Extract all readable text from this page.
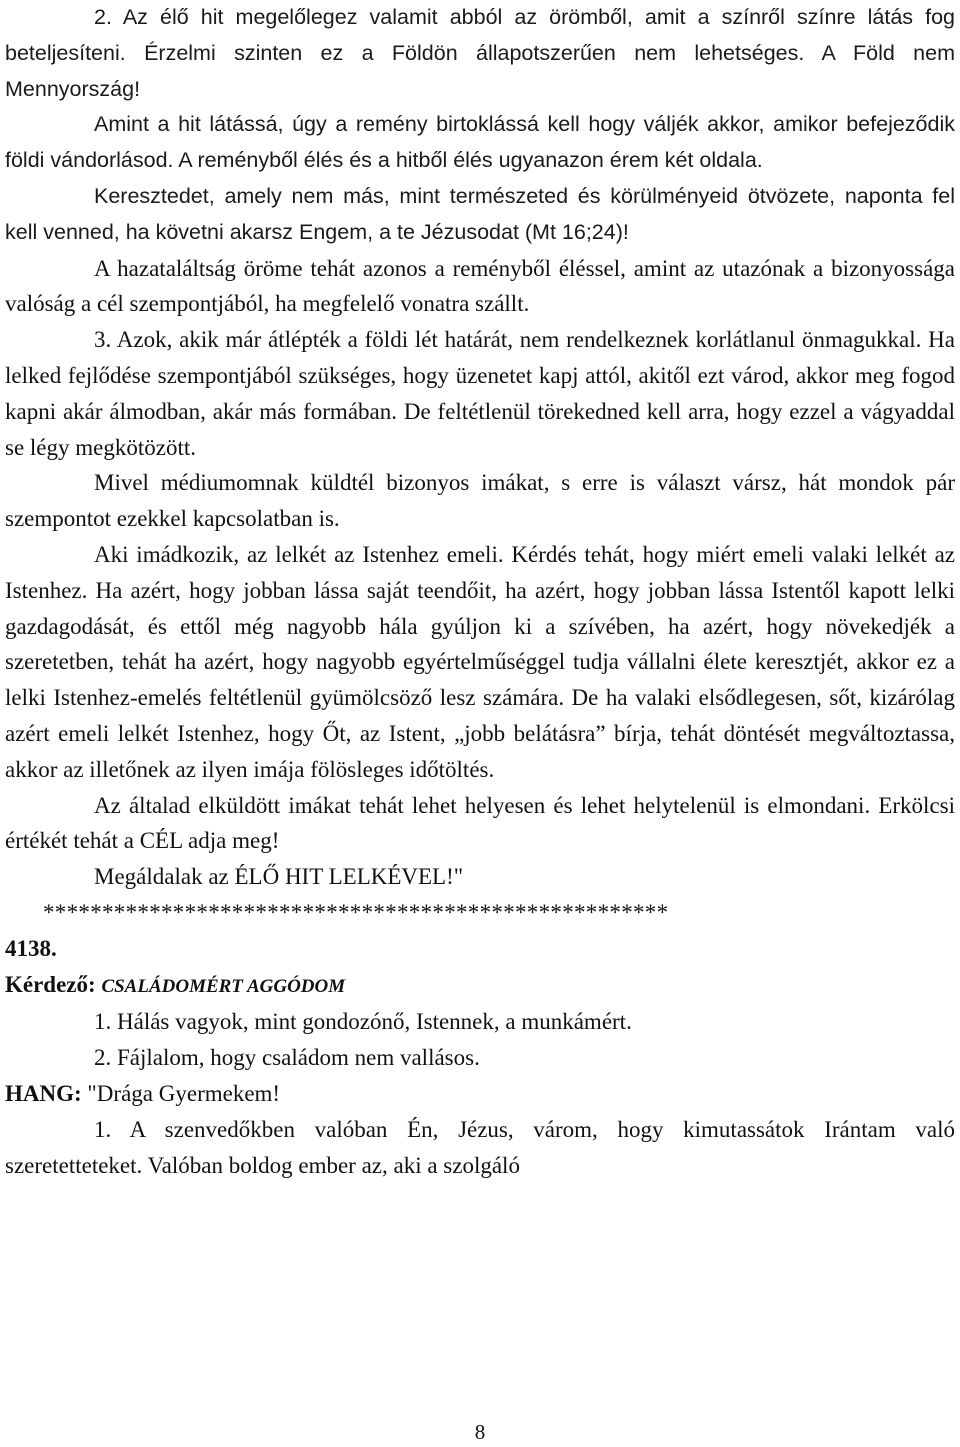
2. Az élő hit megelőlegez valamit abból az örömből, amit a színről színre látás fog beteljesíteni. Érzelmi szinten ez a Földön állapotszerűen nem lehetséges. A Föld nem Mennyország!

Amint a hit látássá, úgy a remény birtoklássá kell hogy váljék akkor, amikor befejeződik földi vándorlásod. A reményből élés és a hitből élés ugyanazon érem két oldala.

Keresztedet, amely nem más, mint természeted és körülményeid ötvözete, naponta fel kell venned, ha követni akarsz Engem, a te Jézusodat (Mt 16;24)!

A hazataláltság öröme tehát azonos a reményből éléssel, amint az utazónak a bizonyossága valóság a cél szempontjából, ha megfelelő vonatra szállt.

3. Azok, akik már átlépték a földi lét határát, nem rendelkeznek korlátlanul önmagukkal. Ha lelked fejlődése szempontjából szükséges, hogy üzenetet kapj attól, akitől ezt várod, akkor meg fogod kapni akár álmodban, akár más formában. De feltétlenül törekedned kell arra, hogy ezzel a vágyaddal se légy megkötözött.

Mivel médiumomnak küldtél bizonyos imákat, s erre is választ vársz, hát mondok pár szempontot ezekkel kapcsolatban is.

Aki imádkozik, az lelkét az Istenhez emeli. Kérdés tehát, hogy miért emeli valaki lelkét az Istenhez. Ha azért, hogy jobban lássa saját teendőit, ha azért, hogy jobban lássa Istentől kapott lelki gazdagodását, és ettől még nagyobb hála gyúljon ki a szívében, ha azért, hogy növekedjék a szeretetben, tehát ha azért, hogy nagyobb egyértelműséggel tudja vállalni élete keresztjét, akkor ez a lelki Istenhez-emelés feltétlenül gyümölcsöző lesz számára. De ha valaki elsődlegesen, sőt, kizárólag azért emeli lelkét Istenhez, hogy Őt, az Istent, „jobb belátásra” bírja, tehát döntését megváltoztassa, akkor az illetőnek az ilyen imája fölösleges időtöltés.

Az általad elküldött imákat tehát lehet helyesen és lehet helytelenül is elmondani. Erkölcsi értékét tehát a CÉL adja meg!

Megáldalak az ÉLŐ HIT LELKÉVEL!"

*****************************************************

4138.

Kérdező: CSALÁDOMÉRT AGGÓDOM

1. Hálás vagyok, mint gondozónő, Istennek, a munkámért.

2. Fájlalom, hogy családom nem vallásos.

HANG: "Drága Gyermekem!

1. A szenvedőkben valóban Én, Jézus, várom, hogy kimutassátok Irántam való szeretetteteket. Valóban boldog ember az, aki a szolgáló

8
